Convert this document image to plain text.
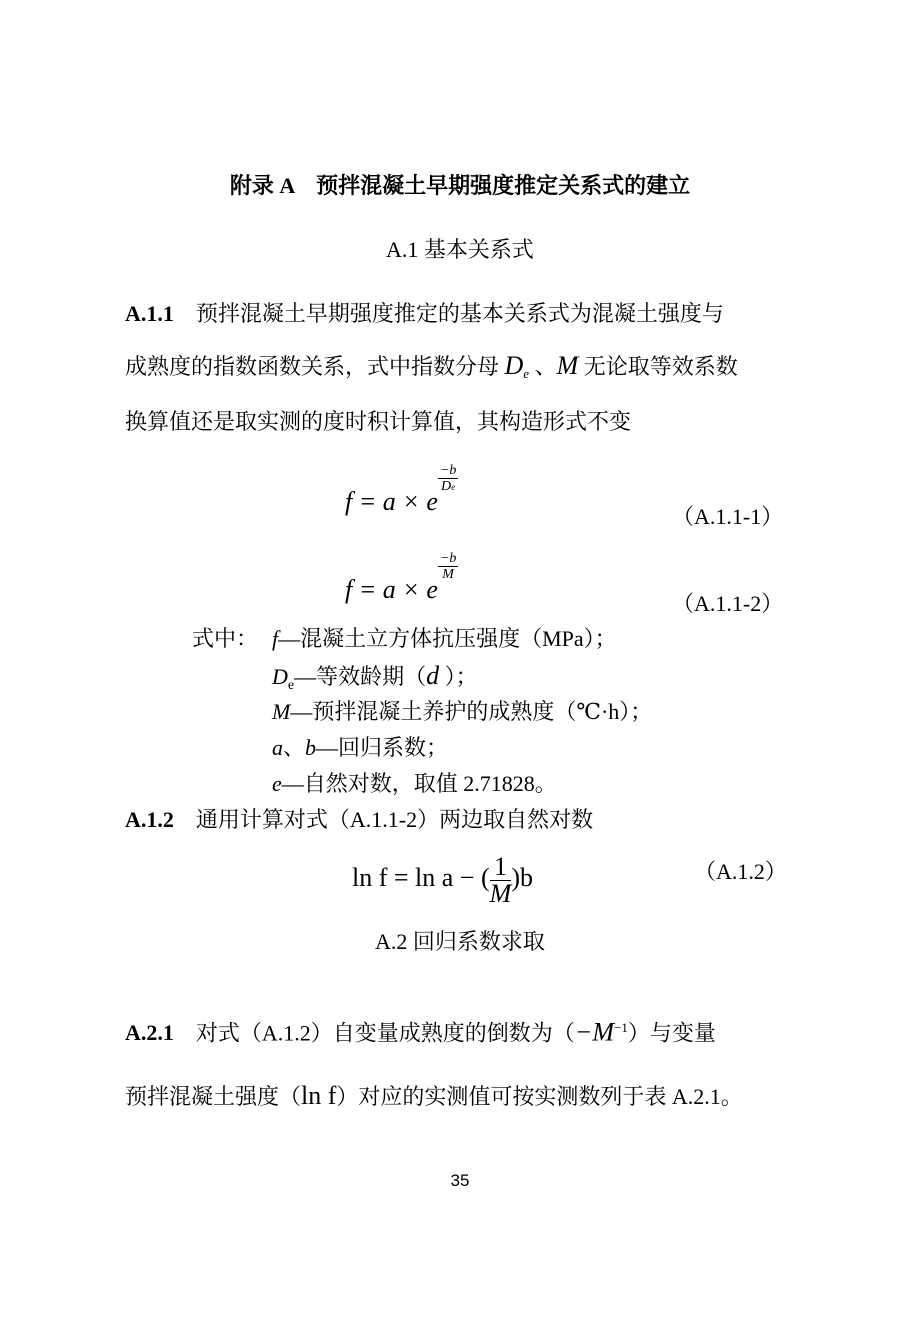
附录 A　预拌混凝土早期强度推定关系式的建立
A.1 基本关系式
A.1.1 预拌混凝土早期强度推定的基本关系式为混凝土强度与
成熟度的指数函数关系，式中指数分母 $D_e$ 、M 无论取等效系数
换算值还是取实测的度时积计算值，其构造形式不变
f = a × e
$\frac{-b}{De}$
（A.1.1-1）
f = a × e
$\frac{-b}{M}$
（A.1.1-2）
式中： f—混凝土立方体抗压强度（MPa）；
$D_e—$等效龄期（d ）；
M—预拌混凝土养护的成熟度（℃·h）；
a、b—回归系数；
e—自然对数，取值 2.71828。
A.1.2 通用计算对式（A.1.1-2）两边取自然对数
ln f = ln a − ( $\frac{1}{M})b$	（A.1.2）
A.2 回归系数求取
A.2.1 对式（A.1.2）自变量成熟度的倒数为$(-M^{-1})$与变量
预拌混凝土强度（ln f）对应的实测值可按实测数列于表 A.2.1。
35
